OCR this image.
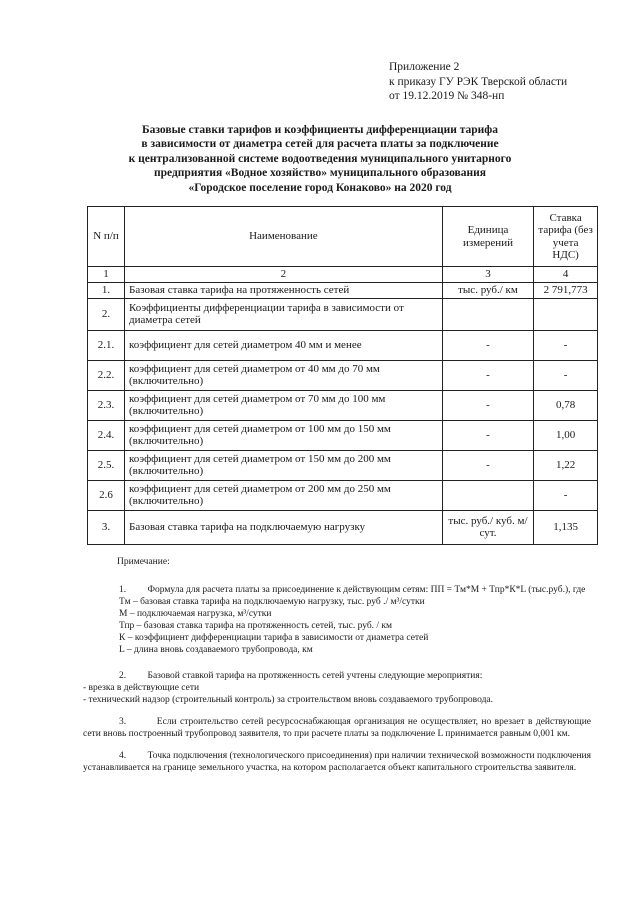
Приложение 2
к приказу ГУ РЭК Тверской области
от 19.12.2019 № 348-нп
Базовые ставки тарифов и коэффициенты дифференциации тарифа
в зависимости от диаметра сетей для расчета платы за подключение
к централизованной системе водоотведения муниципального унитарного
предприятия «Водное хозяйство» муниципального образования
«Городское поселение город Конаково» на 2020 год
N п/п	Наименование	Единица измерений	Ставка тарифа (без учета НДС)
1	2	3	4
1.	Базовая ставка тарифа на протяженность сетей	тыс. руб./ км	2 791,773
2.	Коэффициенты дифференциации тарифа в зависимости от диаметра сетей		
2.1.	коэффициент для сетей диаметром 40 мм и менее	-	-
2.2.	коэффициент для сетей диаметром от 40 мм до 70 мм (включительно)	-	-
2.3.	коэффициент для сетей диаметром от 70 мм до 100 мм (включительно)	-	0,78
2.4.	коэффициент для сетей диаметром от 100 мм до 150 мм (включительно)	-	1,00
2.5.	коэффициент для сетей диаметром от 150 мм до 200 мм (включительно)	-	1,22
2.6	коэффициент для сетей диаметром от 200 мм до 250 мм (включительно)		-
3.	Базовая ставка тарифа на подключаемую нагрузку	тыс. руб./ куб. м/сут.	1,135
Примечание:
1.         Формула для расчета платы за присоединение к действующим сетям: ПП = Тм*М + Тпр*К*L (тыс.руб.), где
Тм – базовая ставка тарифа на подключаемую нагрузку, тыс. руб ./ м³/сутки
М – подключаемая нагрузка, м³/сутки
Тпр – базовая ставка тарифа на протяженность сетей, тыс. руб. / км
К – коэффициент дифференциации тарифа в зависимости от диаметра сетей
L – длина вновь создаваемого трубопровода, км
2.         Базовой ставкой тарифа на протяженность сетей учтены следующие мероприятия:
- врезка в действующие сети
- технический надзор (строительный контроль) за строительством вновь создаваемого трубопровода.
3.         Если строительство сетей ресурсоснабжающая организация не осуществляет, но врезает в действующие сети вновь построенный трубопровод заявителя, то при расчете платы за подключение L принимается равным 0,001 км.
4.         Точка подключения (технологического присоединения) при наличии технической возможности подключения устанавливается на границе земельного участка, на котором располагается объект капитального строительства заявителя.
